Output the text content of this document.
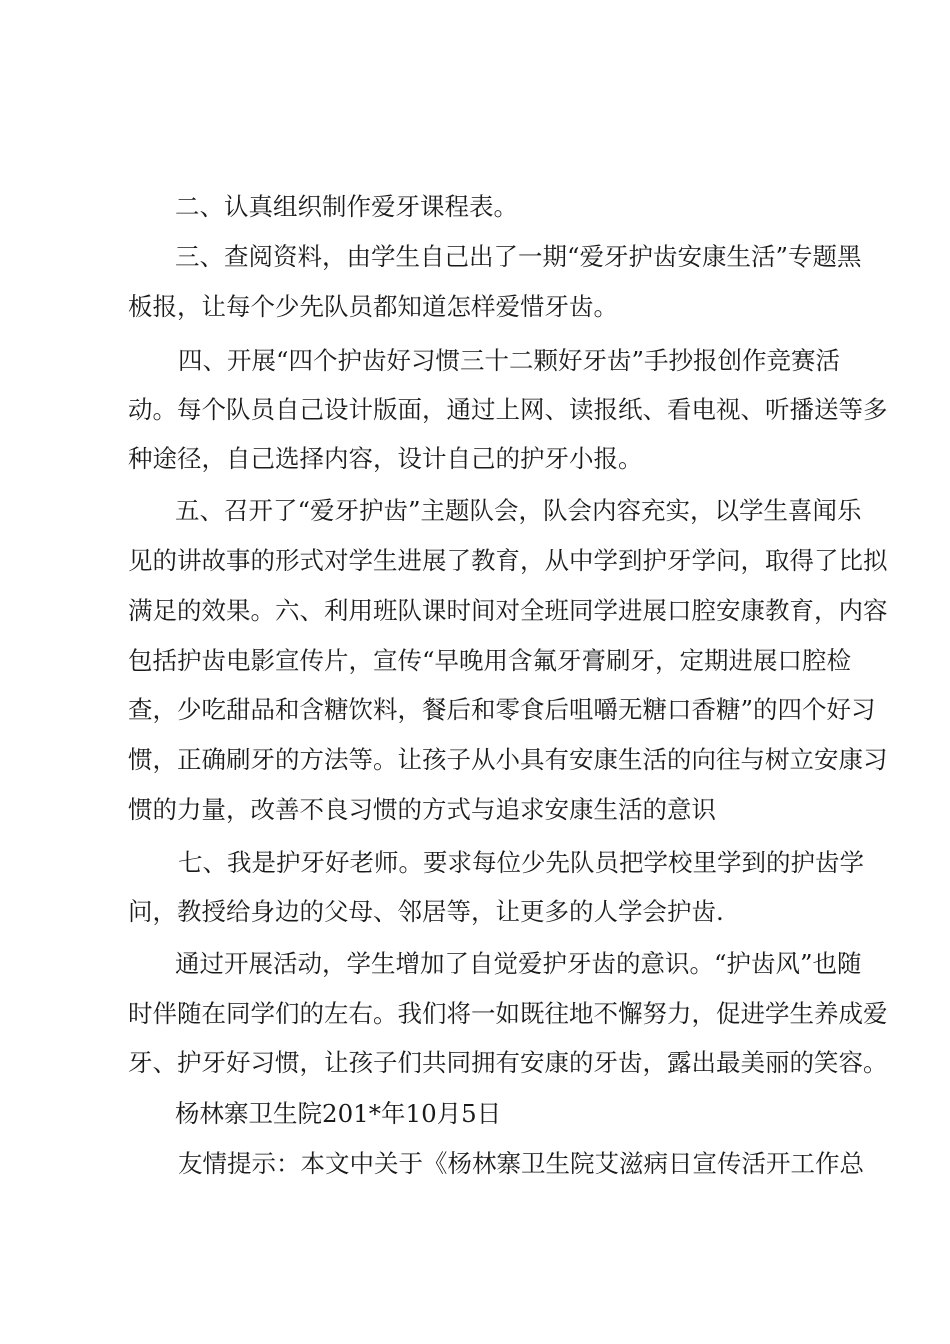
二、认真组织制作爱牙课程表。
三、查阅资料，由学生自己出了一期“爱牙护齿安康生活”专题黑
板报，让每个少先队员都知道怎样爱惜牙齿。
四、开展“四个护齿好习惯三十二颗好牙齿”手抄报创作竞赛活
动。每个队员自己设计版面，通过上网、读报纸、看电视、听播送等多
种途径，自己选择内容，设计自己的护牙小报。
五、召开了“爱牙护齿”主题队会，队会内容充实，以学生喜闻乐
见的讲故事的形式对学生进展了教育，从中学到护牙学问，取得了比拟
满足的效果。六、利用班队课时间对全班同学进展口腔安康教育，内容
包括护齿电影宣传片，宣传“早晚用含氟牙膏刷牙，定期进展口腔检
查，少吃甜品和含糖饮料，餐后和零食后咀嚼无糖口香糖”的四个好习
惯，正确刷牙的方法等。让孩子从小具有安康生活的向往与树立安康习
惯的力量，改善不良习惯的方式与追求安康生活的意识
七、我是护牙好老师。要求每位少先队员把学校里学到的护齿学
问，教授给身边的父母、邻居等，让更多的人学会护齿.
通过开展活动，学生增加了自觉爱护牙齿的意识。“护齿风”也随
时伴随在同学们的左右。我们将一如既往地不懈努力，促进学生养成爱
牙、护牙好习惯，让孩子们共同拥有安康的牙齿，露出最美丽的笑容。
杨林寨卫生院201*年10月5日
友情提示：本文中关于《杨林寨卫生院艾滋病日宣传活开工作总
